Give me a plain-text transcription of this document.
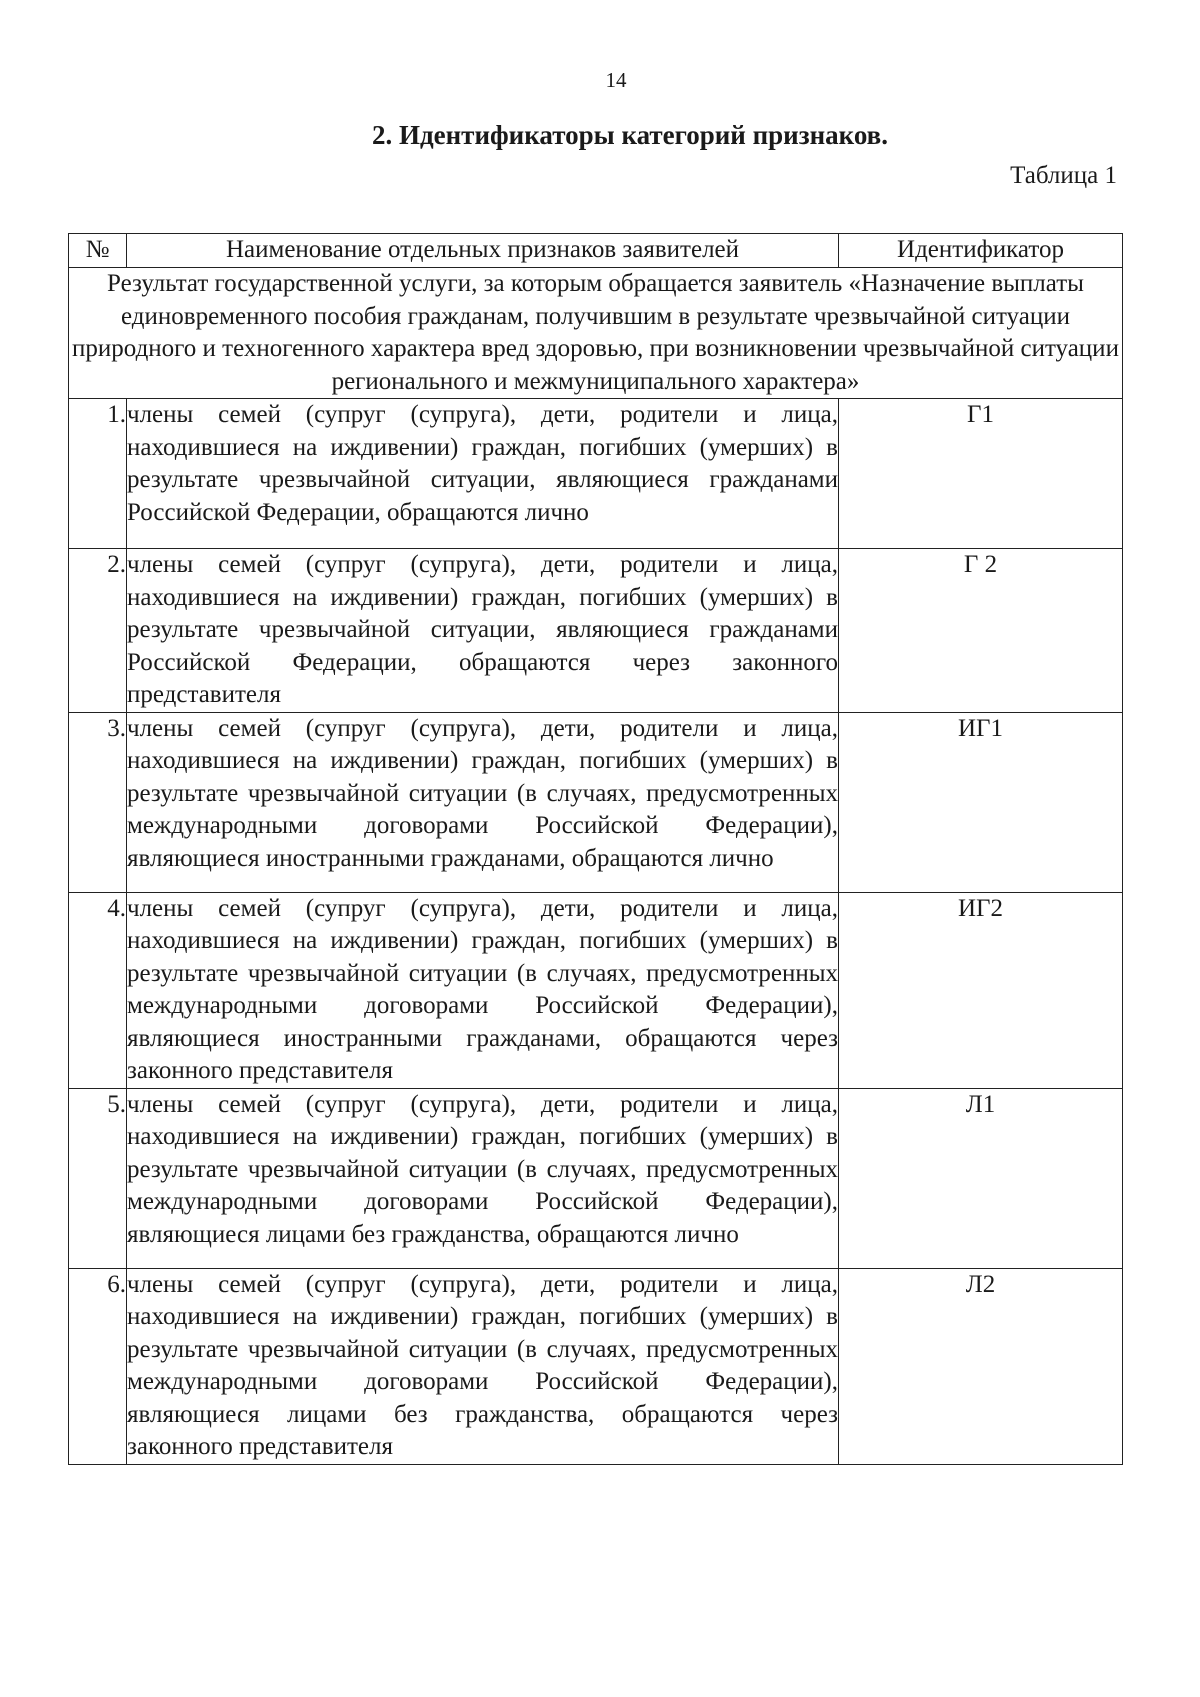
14
2. Идентификаторы категорий признаков.
Таблица 1
№	Наименование отдельных признаков заявителей	Идентификатор
Результат государственной услуги, за которым обращается заявитель «Назначение выплаты единовременного пособия гражданам, получившим в результате чрезвычайной ситуации природного и техногенного характера вред здоровью, при возникновении чрезвычайной ситуации регионального и межмуниципального характера»		
1.	члены семей (супруг (супруга), дети, родители и лица, находившиеся на иждивении) граждан, погибших (умерших) в результате чрезвычайной ситуации, являющиеся гражданами Российской Федерации, обращаются лично	Г1
2.	члены семей (супруг (супруга), дети, родители и лица, находившиеся на иждивении) граждан, погибших (умерших) в результате чрезвычайной ситуации, являющиеся гражданами Российской Федерации, обращаются через законного представителя	Г 2
3.	члены семей (супруг (супруга), дети, родители и лица, находившиеся на иждивении) граждан, погибших (умерших) в результате чрезвычайной ситуации (в случаях, предусмотренных международными договорами Российской Федерации), являющиеся иностранными гражданами, обращаются лично	ИГ1
4.	члены семей (супруг (супруга), дети, родители и лица, находившиеся на иждивении) граждан, погибших (умерших) в результате чрезвычайной ситуации (в случаях, предусмотренных международными договорами Российской Федерации), являющиеся иностранными гражданами, обращаются через законного представителя	ИГ2
5.	члены семей (супруг (супруга), дети, родители и лица, находившиеся на иждивении) граждан, погибших (умерших) в результате чрезвычайной ситуации (в случаях, предусмотренных международными договорами Российской Федерации), являющиеся лицами без гражданства, обращаются лично	Л1
6.	члены семей (супруг (супруга), дети, родители и лица, находившиеся на иждивении) граждан, погибших (умерших) в результате чрезвычайной ситуации (в случаях, предусмотренных международными договорами Российской Федерации), являющиеся лицами без гражданства, обращаются через законного представителя	Л2
